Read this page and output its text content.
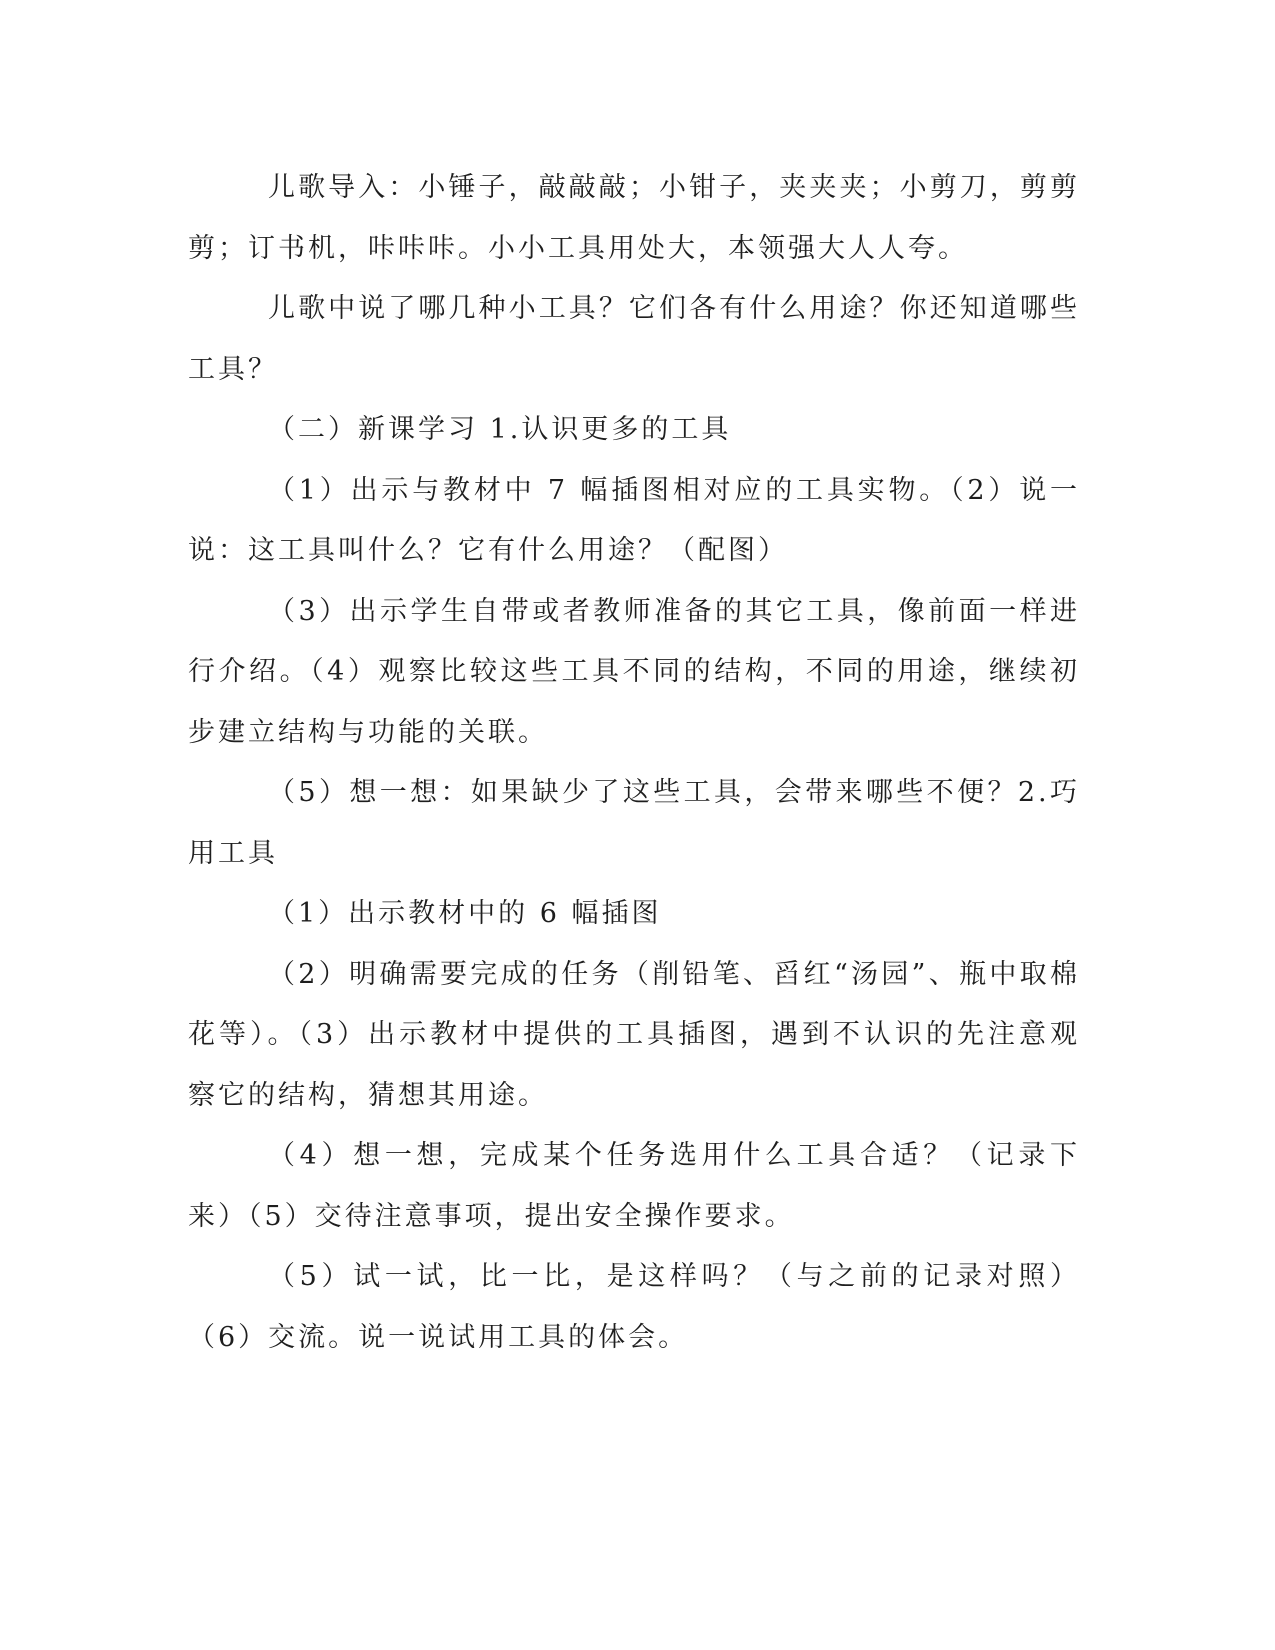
儿歌导入：小锤子，敲敲敲；小钳子，夹夹夹；小剪刀，剪剪剪；订书机，咔咔咔。小小工具用处大，本领强大人人夸。

儿歌中说了哪几种小工具？它们各有什么用途？你还知道哪些工具？

（二）新课学习 1.认识更多的工具

（1）出示与教材中 7 幅插图相对应的工具实物。（2）说一说：这工具叫什么？它有什么用途？（配图）

（3）出示学生自带或者教师准备的其它工具，像前面一样进行介绍。（4）观察比较这些工具不同的结构，不同的用途，继续初步建立结构与功能的关联。

（5）想一想：如果缺少了这些工具，会带来哪些不便？2.巧用工具

（1）出示教材中的 6 幅插图

（2）明确需要完成的任务（削铅笔、舀红“汤园”、瓶中取棉花等）。（3）出示教材中提供的工具插图，遇到不认识的先注意观察它的结构，猜想其用途。

（4）想一想，完成某个任务选用什么工具合适？（记录下来）（5）交待注意事项，提出安全操作要求。

（5）试一试，比一比，是这样吗？（与之前的记录对照）（6）交流。说一说试用工具的体会。
